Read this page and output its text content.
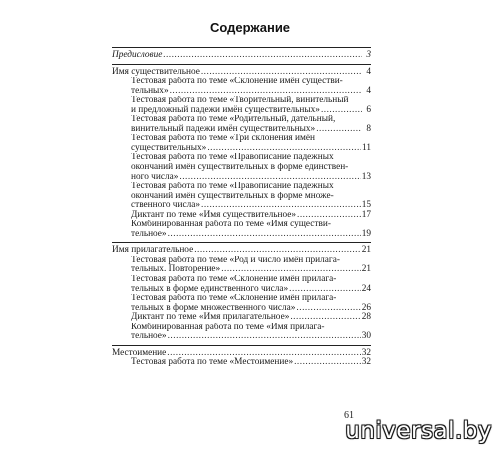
Содержание
Предисловие .....	3
Имя существительное .....	4
Тестовая работа по теме «Склонение имён существи-
тельных» .....	4
Тестовая работа по теме «Творительный, винительный
и предложный падежи имён существительных» .....	6
Тестовая работа по теме «Родительный, дательный,
винительный падежи имён существительных» .....	8
Тестовая работа по теме «Три склонения имён
существительных» .....	11
Тестовая работа по теме «Правописание падежных
окончаний имён существительных в форме единствен-
ного числа» .....	13
Тестовая работа по теме «Правописание падежных
окончаний имён существительных в форме множе-
ственного числа» .....	15
Диктант по теме «Имя существительное» .....	17
Комбинированная работа по теме «Имя существи-
тельное» .....	19
Имя прилагательное .....	21
Тестовая работа по теме «Род и число имён прилага-
тельных. Повторение» .....	21
Тестовая работа по теме «Склонение имён прилага-
тельных в форме единственного числа» .....	24
Тестовая работа по теме «Склонение имён прилага-
тельных в форме множественного числа» .....	26
Диктант по теме «Имя прилагательное» .....	28
Комбинированная работа по теме «Имя прилага-
тельное» .....	30
Местоимение .....	32
Тестовая работа по теме «Местоимение» .....	32
61
universal.by
